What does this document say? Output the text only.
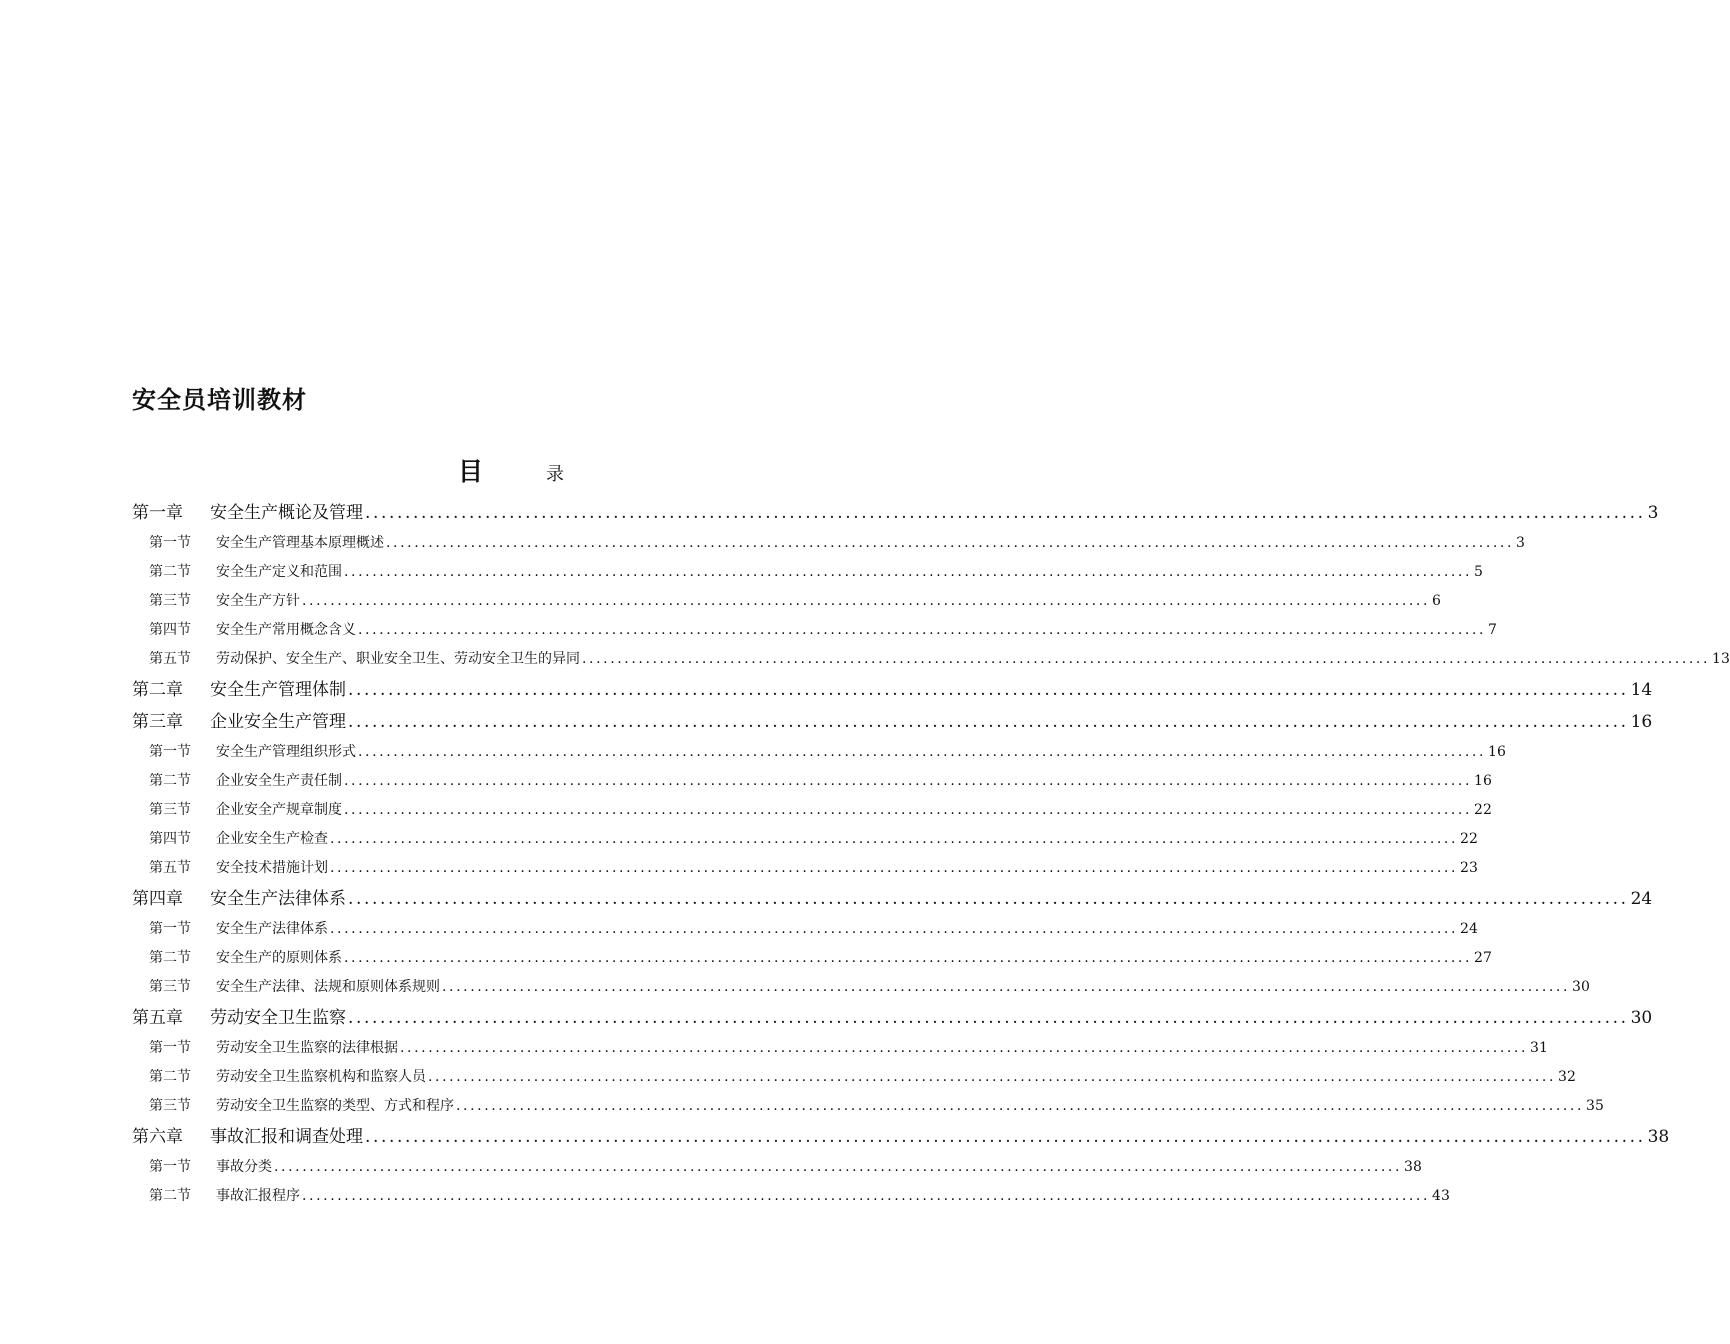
安全员培训教材
目	录
第一章	安全生产概论及管理 ................................................................................................................................................................ 3
第一节	安全生产管理基本原理概述 ................................................................................................................................................................ 3
第二节	安全生产定义和范围 ................................................................................................................................................................ 5
第三节	安全生产方针 ................................................................................................................................................................ 6
第四节	安全生产常用概念含义 ................................................................................................................................................................ 7
第五节	劳动保护、安全生产、职业安全卫生、劳动安全卫生的异同 ................................................................................................................................................................ 13
第二章	安全生产管理体制 ................................................................................................................................................................ 14
第三章	企业安全生产管理 ................................................................................................................................................................ 16
第一节	安全生产管理组织形式 ................................................................................................................................................................ 16
第二节	企业安全生产责任制 ................................................................................................................................................................ 16
第三节	企业安全产规章制度 ................................................................................................................................................................ 22
第四节	企业安全生产检查 ................................................................................................................................................................ 22
第五节	安全技术措施计划 ................................................................................................................................................................ 23
第四章	安全生产法律体系 ................................................................................................................................................................ 24
第一节	安全生产法律体系 ................................................................................................................................................................ 24
第二节	安全生产的原则体系 ................................................................................................................................................................ 27
第三节	安全生产法律、法规和原则体系规则 ................................................................................................................................................................ 30
第五章	劳动安全卫生监察 ................................................................................................................................................................ 30
第一节	劳动安全卫生监察的法律根据 ................................................................................................................................................................ 31
第二节	劳动安全卫生监察机构和监察人员 ................................................................................................................................................................ 32
第三节	劳动安全卫生监察的类型、方式和程序 ................................................................................................................................................................ 35
第六章	事故汇报和调查处理 ................................................................................................................................................................ 38
第一节	事故分类 ................................................................................................................................................................ 38
第二节	事故汇报程序 ................................................................................................................................................................ 43
